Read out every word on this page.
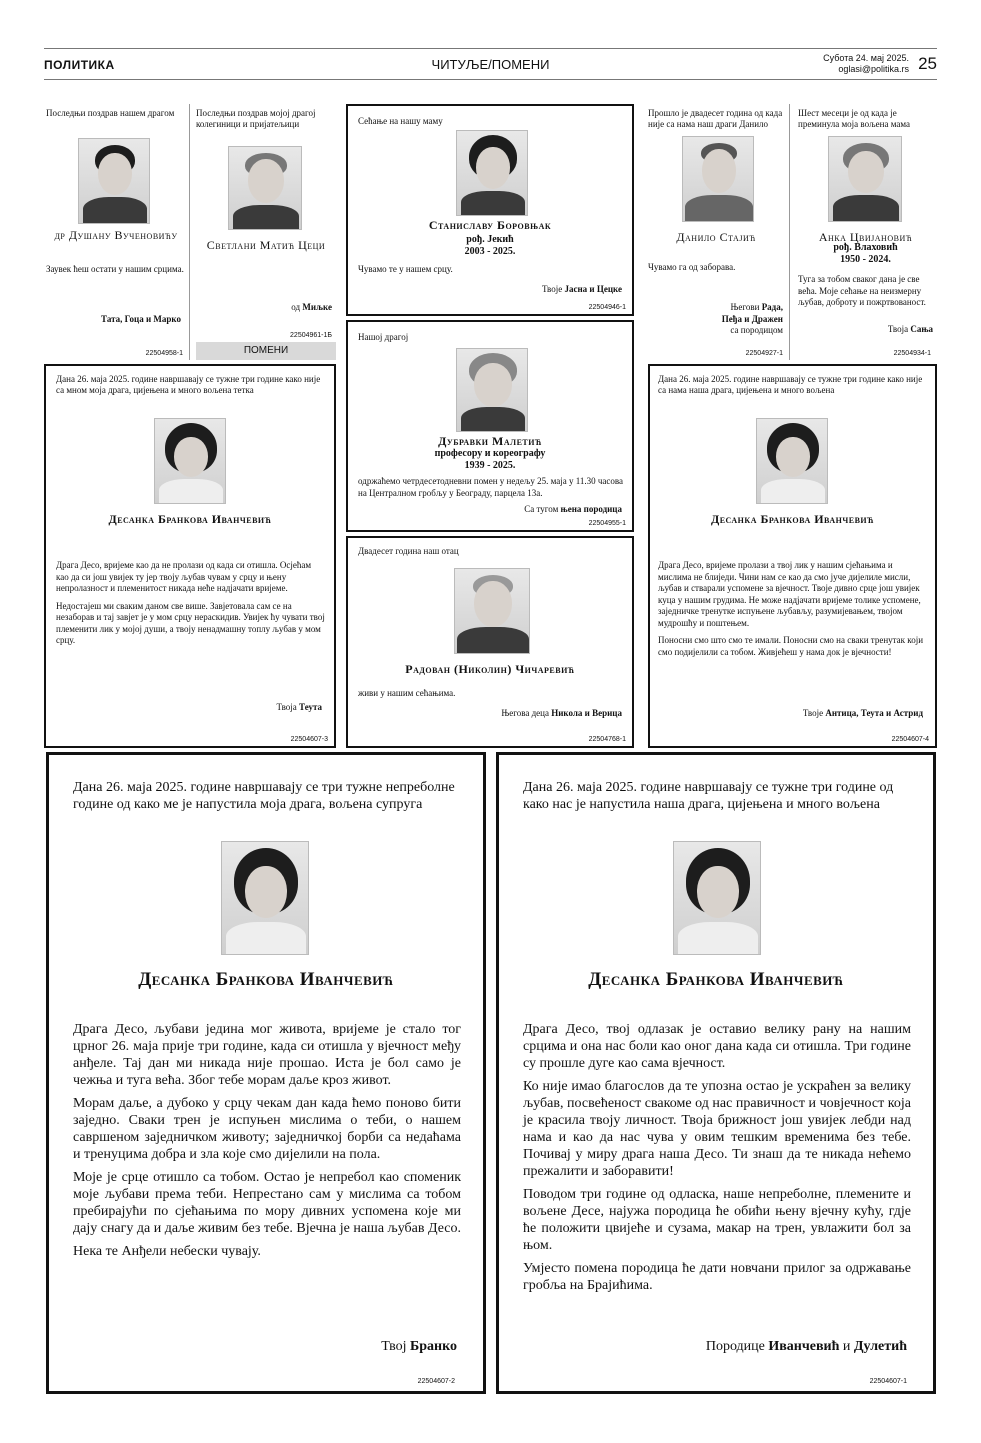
ПОЛИТИКА	ЧИТУЉЕ/ПОМЕНИ	Субота 24. мај 2025.
oglasi@politika.rs 25
Последњи поздрав нашем драгом
др Душану Вученовићу
Заувек ћеш остати у нашим срцима.
Тата, Гоца и Марко
22504958-1
Последњи поздрав мојој драгој колегиници и пријатељици
Светлани Матић Цеци
од Миљке
22504961-1Б
ПОМЕНИ
Сећање на нашу маму
Станиславу Боровњак
рођ. Јекић
2003 - 2025.
Чувамо те у нашем срцу.
Твоје Јасна и Цецке
22504946-1
Прошло је двадесет година од када није са нама наш драги Данило
Данило Стајић
Чувамо га од заборава.
Његови Рада,
Пеђа и Дражен
са породицом
22504927-1
Шест месеци је од када је преминула моја вољена мама
Анка Цвијановић
рођ. Влаховић
1950 - 2024.
Туга за тобом сваког дана је све већа. Моје сећање на неизмерну љубав, доброту и пожртвованост.
Твоја Сања
22504934-1
Дана 26. маја 2025. године навршавају се тужне три године како није са мном моја драга, цијењена и много вољена тетка
Десанка Бранкова Иванчевић

Драга Десо, вријеме као да не пролази од када си отишла. Осјећам као да си још увијек ту јер твоју љубав чувам у срцу и њену непролазност и племенитост никада неће надјачати вријеме.

Недостајеш ми сваким даном све више. Завјетовала сам се на незаборав и тај завјет је у мом срцу нераскидив. Увијек ћу чувати твој племенити лик у мојој души, а твоју ненадмашну топлу љубав у мом срцу.

Твоја Теута
22504607-3
Нашој драгој
Дубравки Малетић
професору и кореографу
1939 - 2025.
одржаћемо четрдесетодневни помен у недељу 25. маја у 11.30 часова на Централном гробљу у Београду, парцела 13а.
Са тугом њена породица
22504955-1
Двадесет година наш отац
Радован (Николин) Чичаревић
живи у нашим сећањима.
Његова деца Никола и Верица
22504768-1
Дана 26. маја 2025. године навршавају се тужне три године како није са нама наша драга, цијењена и много вољена
Десанка Бранкова Иванчевић

Драга Десо, вријеме пролази а твој лик у нашим сјећањима и мислима не блиједи. Чини нам се као да смо јуче дијелиле мисли, љубав и стварали успомене за вјечност. Твоје дивно срце још увијек куца у нашим грудима. Не може надјачати вријеме толике успомене, заједничке тренутке испуњене љубављу, разумијевањем, твојом мудрошћу и поштењем.

Поносни смо што смо те имали. Поносни смо на сваки тренутак који смо подијелили са тобом. Живјећеш у нама док је вјечности!

Твоје Антица, Теута и Астрид
22504607-4
Дана 26. маја 2025. године навршавају се три тужне непреболне године од како ме је напустила моја драга, вољена супруга
Десанка Бранкова Иванчевић

Драга Десо, љубави једина мог живота, вријеме је стало тог црног 26. маја прије три године, када си отишла у вјечност међу анђеле. Тај дан ми никада није прошао. Иста је бол само је чежња и туга већа. Због тебе морам даље кроз живот.

Морам даље, а дубоко у срцу чекам дан када ћемо поново бити заједно. Сваки трен је испуњен мислима о теби, о нашем савршеном заједничком животу; заједничкој борби са недаћама и тренуцима добра и зла које смо дијелили на пола.

Моје је срце отишло са тобом. Остао је непребол као споменик моје љубави према теби. Непрестано сам у мислима са тобом пребирајући по сјећањима по мору дивних успомена које ми дају снагу да и даље живим без тебе. Вјечна је наша љубав Десо.

Нека те Анђели небески чувају.

Твој Бранко
22504607-2
Дана 26. маја 2025. године навршавају се тужне три године од како нас је напустила наша драга, цијењена и много вољена
Десанка Бранкова Иванчевић

Драга Десо, твој одлазак је оставио велику рану на нашим срцима и она нас боли као оног дана када си отишла. Три године су прошле дуге као сама вјечност.

Ко није имао благослов да те упозна остао је ускраћен за велику љубав, посвећеност свакоме од нас правичност и човјечност која је красила твоју личност. Твоја брижност још увијек лебди над нама и као да нас чува у овим тешким временима без тебе. Почивај у миру драга наша Десо. Ти знаш да те никада нећемо прежалити и заборавити!

Поводом три године од одласка, наше непреболне, племените и вољене Десе, најужа породица ће обићи њену вјечну кућу, гдје ће положити цвијеће и сузама, макар на трен, увлажити бол за њом.

Умјесто помена породица ће дати новчани прилог за одржавање гробља на Брајићима.

Породице Иванчевић и Дулетић
22504607-1
